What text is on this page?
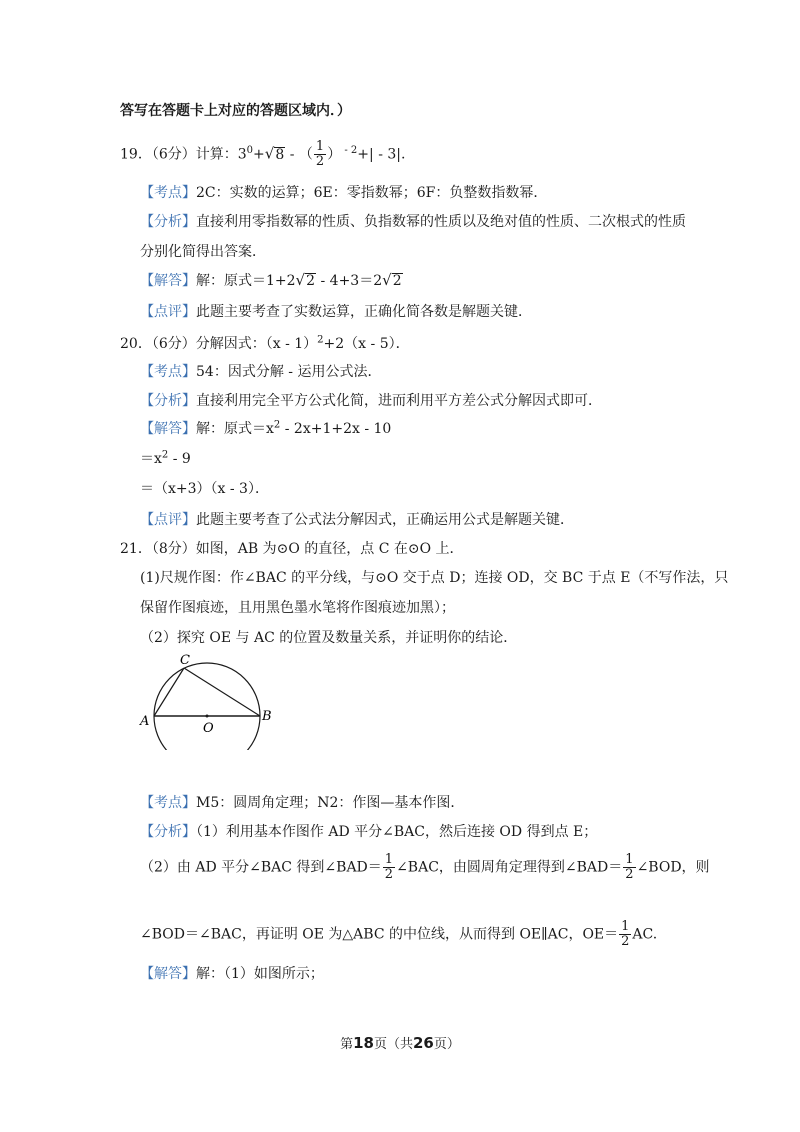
答写在答题卡上对应的答题区域内．）
19．（6分）计算：$3^0+√8$ - （ $\frac{1}{2}$ ） $^{- 2}$+| - 3|.
【考点】2C：实数的运算；6E：零指数幂；6F：负整数指数幂．
【分析】直接利用零指数幂的性质、负指数幂的性质以及绝对值的性质、二次根式的性质
分别化简得出答案．
【解答】解：原式＝1+2√2 - 4+3＝2√2
【点评】此题主要考查了实数运算，正确化简各数是解题关键．
20．（6分）分解因式：（x - 1）$^2$+2（x - 5）．
【考点】54：因式分解 - 运用公式法．
【分析】直接利用完全平方公式化简，进而利用平方差公式分解因式即可．
【解答】解：原式$=x^2 - 2x+1+2x - 10$
$=x^2 - 9$
＝（x+3）（x - 3）．
【点评】此题主要考查了公式法分解因式，正确运用公式是解题关键．
21．（8分）如图，AB 为⊙O 的直径，点 C 在⊙O 上．
(1)尺规作图：作∠BAC 的平分线，与⊙O 交于点 D；连接 OD，交 BC 于点 E（不写作法，只
保留作图痕迹，且用黑色墨水笔将作图痕迹加黑）；
（2）探究 OE 与 AC 的位置及数量关系，并证明你的结论．
C
A	B
O
【考点】M5：圆周角定理；N2：作图—基本作图．
【分析】（1）利用基本作图作 AD 平分∠BAC，然后连接 OD 得到点 E；
（2）由 AD 平分∠BAC 得到∠BAD＝ $\frac{1}{2}$ ∠BAC，由圆周角定理得到∠BAD＝ $\frac{1}{2}$ ∠BOD，则
∠BOD＝∠BAC，再证明 OE 为△ABC 的中位线，从而得到 OE∥AC，$OE= \frac{1}{2}$ AC.
【解答】解：（1）如图所示；
第18页（共26页）
